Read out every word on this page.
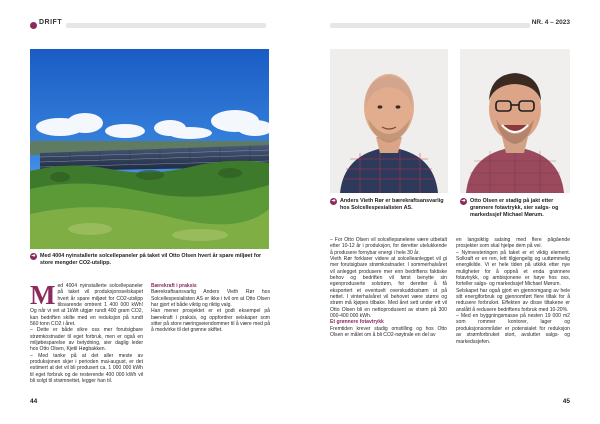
DRIFT	NR. 4 – 2023
➜ Med 4004 nyinstallerte solcellepaneler på taket vil Otto Olsen hvert år spare miljøet for store mengder CO2-utslipp.
➜ Anders Vieth Rør er bærekraftsansvarlig hos Solcellespesialisten AS.
➜ Otto Olsen er stadig på jakt etter grønnere fotavtrykk, sier salgs- og markedssjef Michael Mørum.
M ed 4004 nyinstallerte solcellepaneler på taket vil produksjonsselskapet hvert år spare miljøet for CO2-utslipp tilsvarende omtrent 1 400 000 kWh! Og når vi vet at 1kWt utgjør rundt 400 gram CO2, kan bedriften skilte med en reduksjon på rundt 560 tonn CO2 i året.

– Dette er både sikre oss mer forutsigbare strømkostnader til eget forbruk, men er også en miljøbesparelse av betydning, sier daglig leder hos Otto Olsen, Kjetil Høgbakken.

– Med tanke på at det aller meste av produksjonen skjer i perioden mai-august, er det estimert at det vil bli produsert ca. 1 000 000 kWh til eget forbruk og de resterende 400 000 kWh vil bli solgt til strømnettet, legger han til.

Bærekraft i praksis

Bærekraftsansvarlig Anders Vieth Rør hos Solcellespesialisten AS er ikke i tvil om at Otto Olsen har gjort et både viktig og riktig valg.

Han mener prosjektet er et godt eksempel på bærekraft i praksis, og oppfordrer selskaper som sitter på store næringseiendommer til å være med på å medvirke til det grønne skiftet.

– For Otto Olsen vil solcellepanelene være utbetalt etter 10-12 år i produksjon, for deretter utelukkende å produsere fornybar energi i hele 30 år.

Vieth Rør forklarer videre at solcelleanlegget vil gi mer forutsigbare strømkostnader. I sommerhalvåret vil anlegget produsere mer enn bedriftens faktiske behov og bedriften vil først benytte sin egenproduserte solstrøm, for deretter å få eksportert et eventuelt overskuddsstrøm ut på nettet. I vinterhalvåret vil behovet være større og strøm må kjøpes tilbake. Med året sett under ett vil Otto Olsen bli en nettoprodusent av strøm på 300 000-400 000 kWh.

Et grønnere fotavtrykk

Fremtiden krever stadig omstilling og hos Otto Olsen er målet om å bli CO2-nøytrale en del av

en langsiktig satsing med flere pågående prosjekter som skal hjelpe dem på vei.

– Nyinvesteringen på taket er et viktig element. Solkraft er en ren, lett tilgjengelig og uuttømmelig energikilde. Vi er hele tiden på utkikk etter nye muligheter for å oppnå et enda grønnere fotavtrykk, og ambisjonene er høye hos oss, forteller salgs- og markedssjef Michael Mørum.

Selskapet har også gjort en gjennomgang av hele sitt energiforbruk og gjennomført flere tiltak for å redusere forbruket. Effekten av disse tiltakene er anslått å redusere bedriftens forbruk med 10-20%.

– Med en byggningsmasse på nesten 19 000 m2 som rommer kontorer, lager og produksjonsområder er potensialet for reduksjon av strømforbruket stort, avslutter salgs- og markedssjefen.

44	45
